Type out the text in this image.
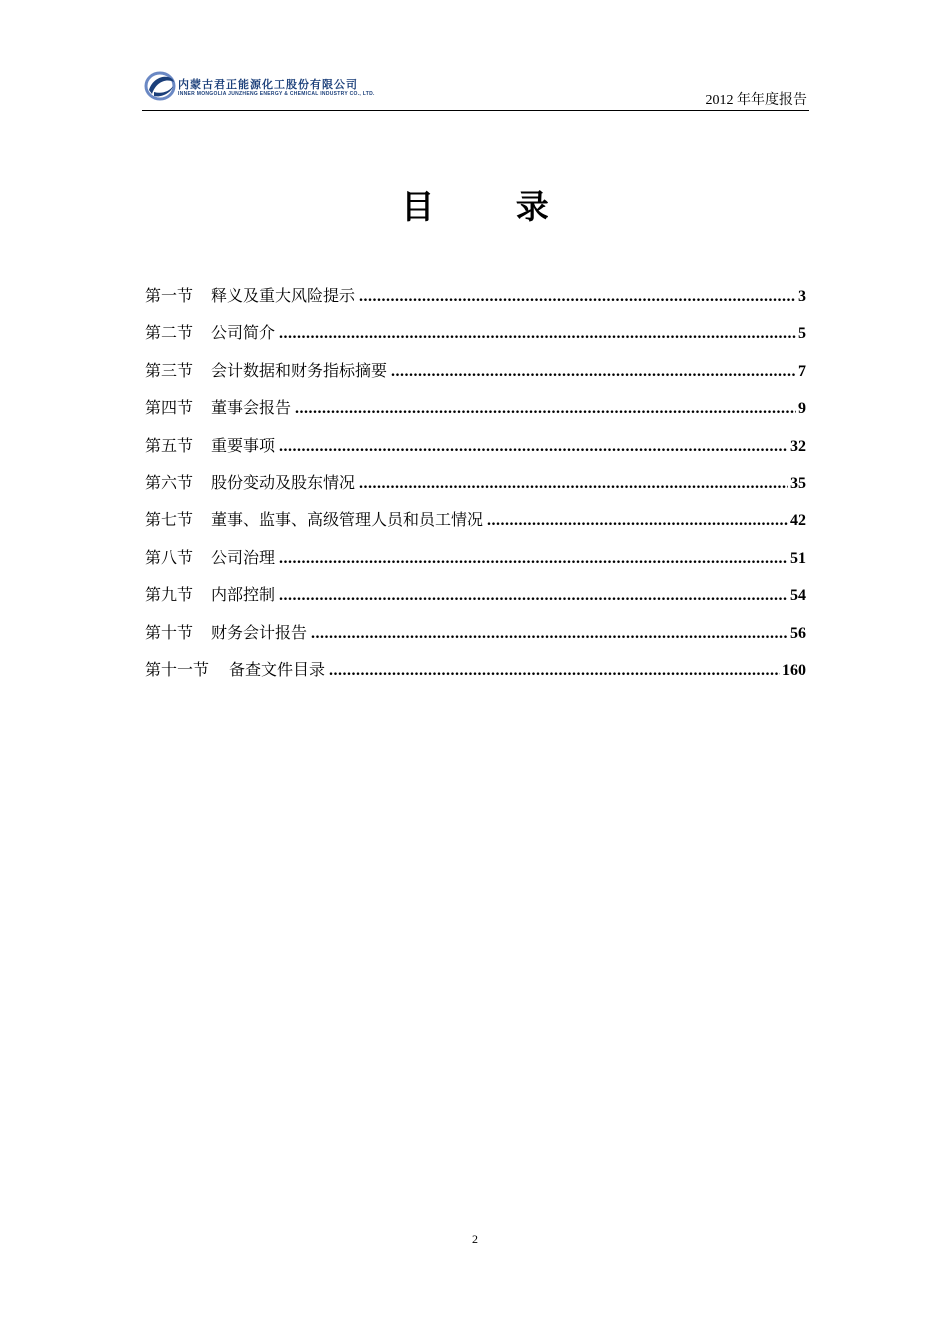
内蒙古君正能源化工股份有限公司
INNER MONGOLIA JUNZHENG ENERGY & CHEMICAL INDUSTRY CO., LTD.	2012 年年度报告
目 录
第一节 释义及重大风险提示 .....	3
第二节 公司简介 .....	5
第三节 会计数据和财务指标摘要 .....	7
第四节 董事会报告 .....	9
第五节 重要事项 .....	32
第六节 股份变动及股东情况 .....	35
第七节 董事、监事、高级管理人员和员工情况 .....	42
第八节 公司治理 .....	51
第九节 内部控制 .....	54
第十节 财务会计报告 .....	56
第十一节 备查文件目录 .....	160
2
